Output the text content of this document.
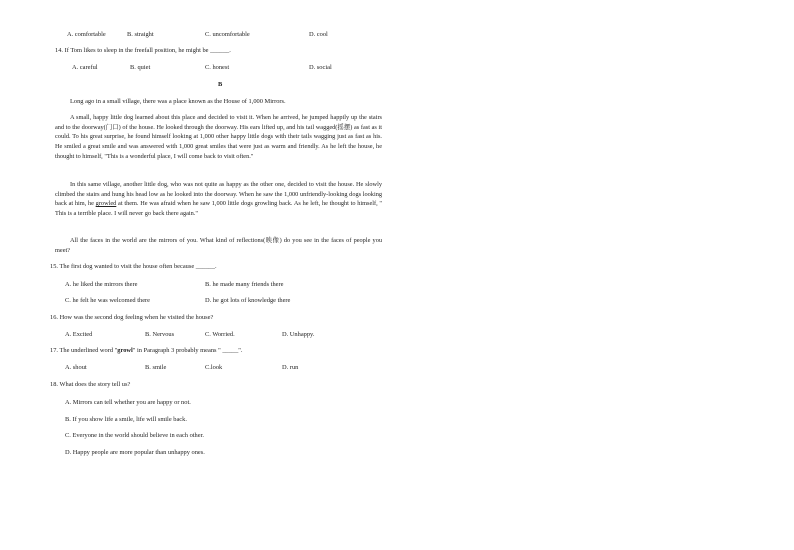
A. comfortable	B. straight	C. uncomfortable	D. cool
14. If Tom likes to sleep in the freefall position, he might be ______.
A. careful	B. quiet	C. honest	D. social
B
Long ago in a small village, there was a place known as the House of 1,000 Mirrors.
A small, happy little dog learned about this place and decided to visit it. When he arrived, he jumped happily up the stairs and to the doorway(门口) of the house. He looked through the doorway. His ears lifted up, and his tail wagged(摇摆) as fast as it could. To his great surprise, he found himself looking at 1,000 other happy little dogs with their tails wagging just as fast as his. He smiled a great smile and was answered with 1,000 great smiles that were just as warm and friendly. As he left the house, he thought to himself, "This is a wonderful place, I will come back to visit often."
In this same village, another little dog, who was not quite as happy as the other one, decided to visit the house. He slowly climbed the stairs and hung his head low as he looked into the doorway. When he saw the 1,000 unfriendly-looking dogs looking back at him, he growled at them. He was afraid when he saw 1,000 little dogs growling back. As he left, he thought to himself, " This is a terrible place. I will never go back there again."
All the faces in the world are the mirrors of you. What kind of reflections(映像) do you see in the faces of people you meet?
15. The first dog wanted to visit the house often because ______.
A. he liked the mirrors there	B. he made many friends there
C. he felt he was welcomed there	D. he got lots of knowledge there
16. How was the second dog feeling when he visited the house?
A. Excited	B. Nervous	C. Worried.	D. Unhappy.
17. The underlined word "growl" in Paragraph 3 probably means " _____".
A. shout	B. smile	C.look	D. run
18. What does the story tell us?
A. Mirrors can tell whether you are happy or not.
B. If you show life a smile, life will smile back.
C. Everyone in the world should believe in each other.
D. Happy people are more popular than unhappy ones.
